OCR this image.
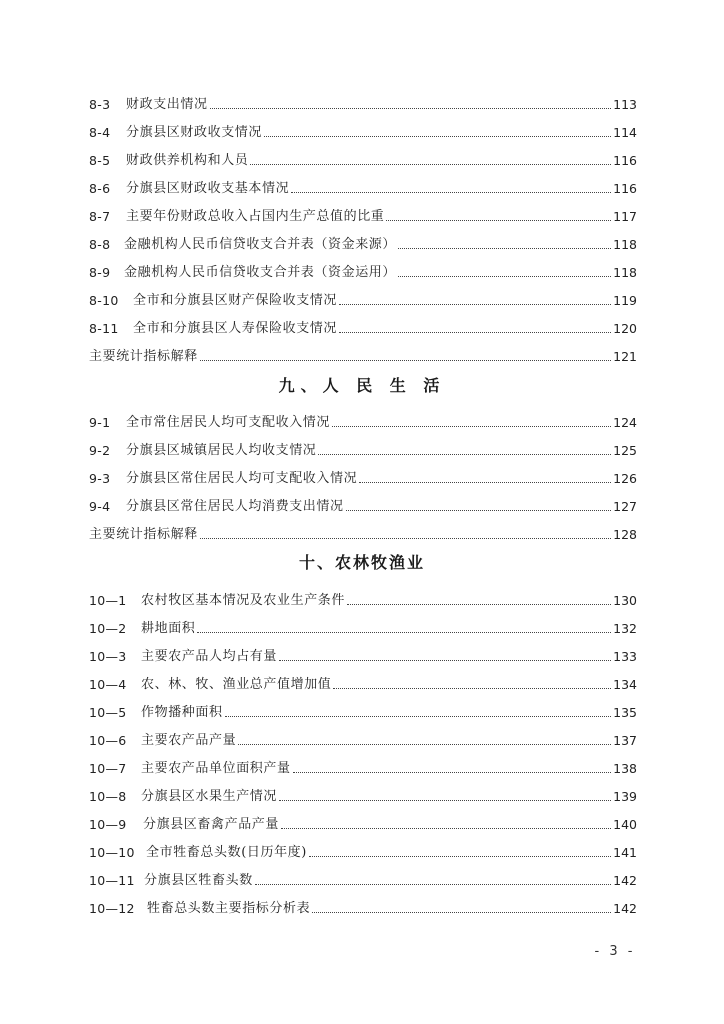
8-3	财政支出情况	113
8-4	分旗县区财政收支情况	114
8-5	财政供养机构和人员	116
8-6	分旗县区财政收支基本情况	116
8-7	主要年份财政总收入占国内生产总值的比重	117
8-8	金融机构人民币信贷收支合并表（资金来源）	118
8-9	金融机构人民币信贷收支合并表（资金运用）	118
8-10	全市和分旗县区财产保险收支情况	119
8-11	全市和分旗县区人寿保险收支情况	120
主要统计指标解释	121
九、人 民 生 活
9-1	全市常住居民人均可支配收入情况	124
9-2	分旗县区城镇居民人均收支情况	125
9-3	分旗县区常住居民人均可支配收入情况	126
9-4	分旗县区常住居民人均消费支出情况	127
主要统计指标解释	128
十、农林牧渔业
10—1	农村牧区基本情况及农业生产条件	130
10—2	耕地面积	132
10—3	主要农产品人均占有量	133
10—4	农、林、牧、渔业总产值增加值	134
10—5	作物播种面积	135
10—6	主要农产品产量	137
10—7	主要农产品单位面积产量	138
10—8	分旗县区水果生产情况	139
10—9	分旗县区畜禽产品产量	140
10—10 全市牲畜总头数(日历年度)	141
10—11 分旗县区牲畜头数	142
10—12 牲畜总头数主要指标分析表	142
- 3 -
